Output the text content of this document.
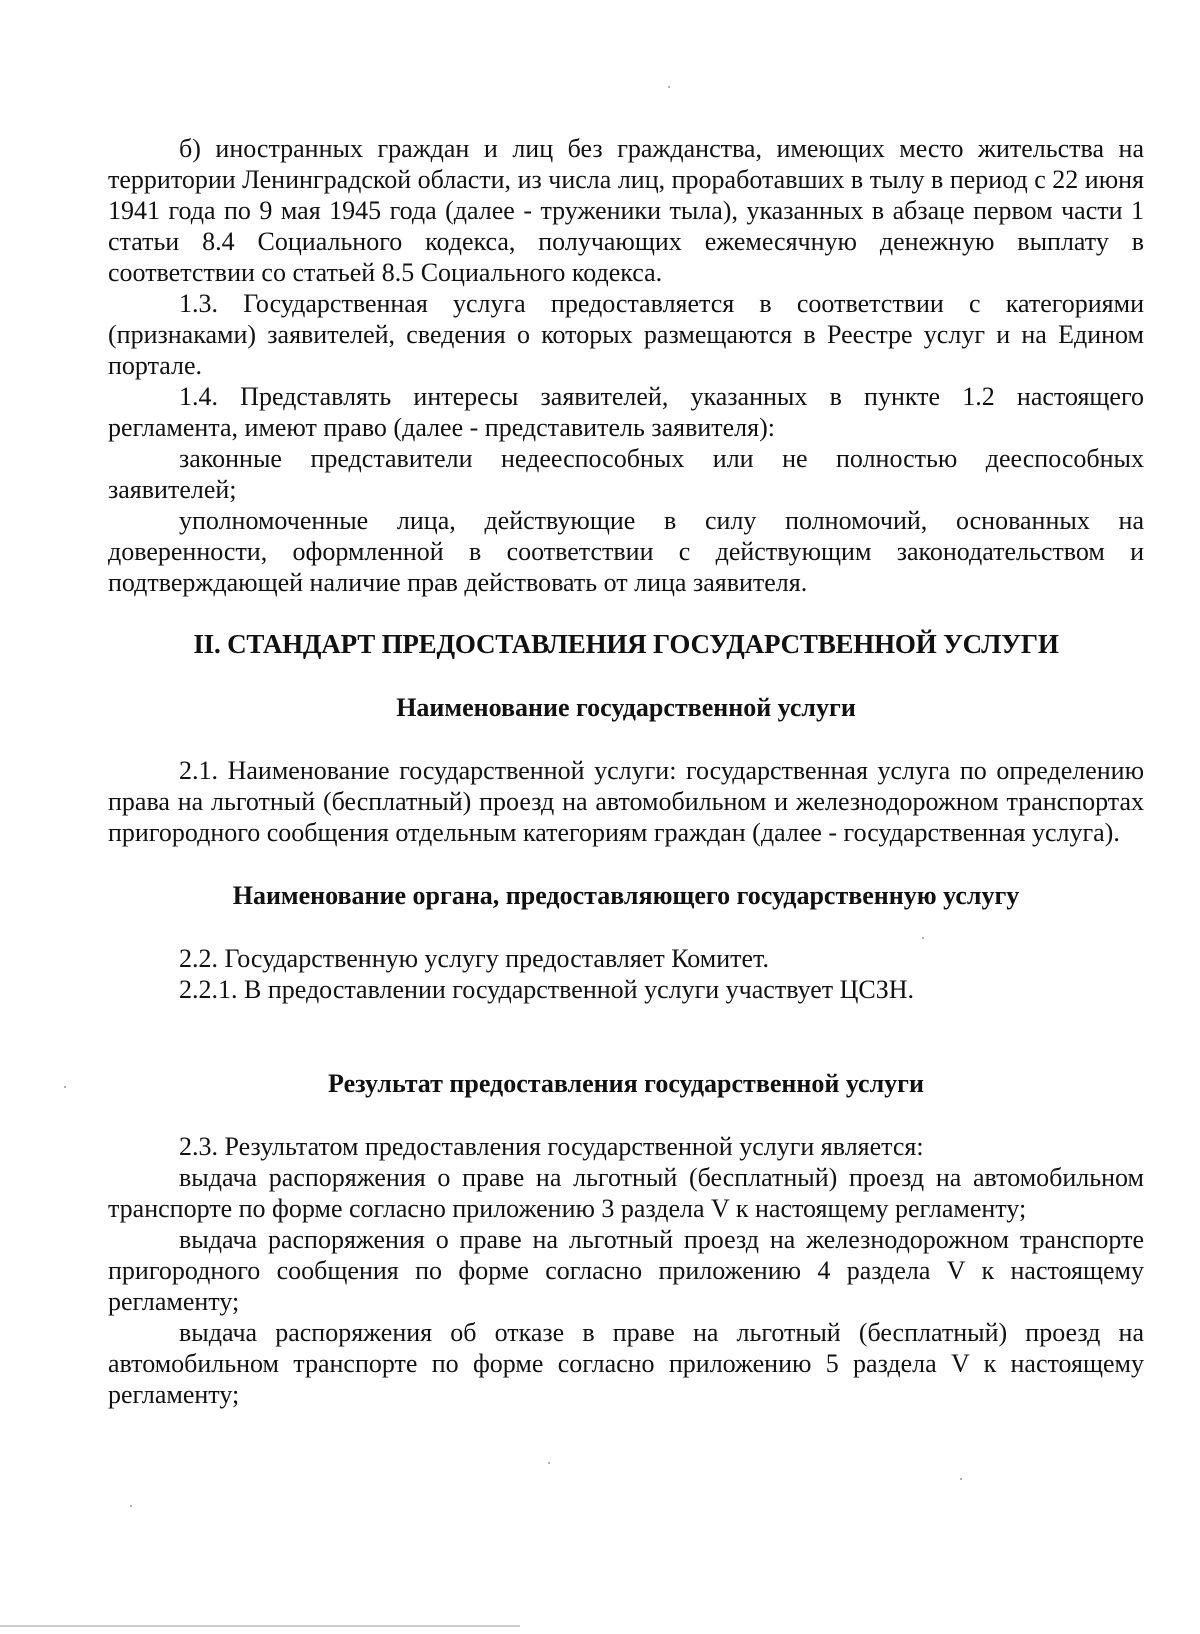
б) иностранных граждан и лиц без гражданства, имеющих место жительства на территории Ленинградской области, из числа лиц, проработавших в тылу в период с 22 июня 1941 года по 9 мая 1945 года (далее - труженики тыла), указанных в абзаце первом части 1 статьи 8.4 Социального кодекса, получающих ежемесячную денежную выплату в соответствии со статьей 8.5 Социального кодекса.

1.3. Государственная услуга предоставляется в соответствии с категориями (признаками) заявителей, сведения о которых размещаются в Реестре услуг и на Едином портале.

1.4. Представлять интересы заявителей, указанных в пункте 1.2 настоящего регламента, имеют право (далее - представитель заявителя):

законные представители недееспособных или не полностью дееспособных заявителей;

уполномоченные лица, действующие в силу полномочий, основанных на доверенности, оформленной в соответствии с действующим законодательством и подтверждающей наличие прав действовать от лица заявителя.

II. СТАНДАРТ ПРЕДОСТАВЛЕНИЯ ГОСУДАРСТВЕННОЙ УСЛУГИ
Наименование государственной услуги

2.1. Наименование государственной услуги: государственная услуга по определению права на льготный (бесплатный) проезд на автомобильном и железнодорожном транспортах пригородного сообщения отдельным категориям граждан (далее - государственная услуга).

Наименование органа, предоставляющего государственную услугу

2.2. Государственную услугу предоставляет Комитет.

2.2.1. В предоставлении государственной услуги участвует ЦСЗН.

Результат предоставления государственной услуги

2.3. Результатом предоставления государственной услуги является:

выдача распоряжения о праве на льготный (бесплатный) проезд на автомобильном транспорте по форме согласно приложению 3 раздела V к настоящему регламенту;

выдача распоряжения о праве на льготный проезд на железнодорожном транспорте пригородного сообщения по форме согласно приложению 4 раздела V к настоящему регламенту;

выдача распоряжения об отказе в праве на льготный (бесплатный) проезд на автомобильном транспорте по форме согласно приложению 5 раздела V к настоящему регламенту;
